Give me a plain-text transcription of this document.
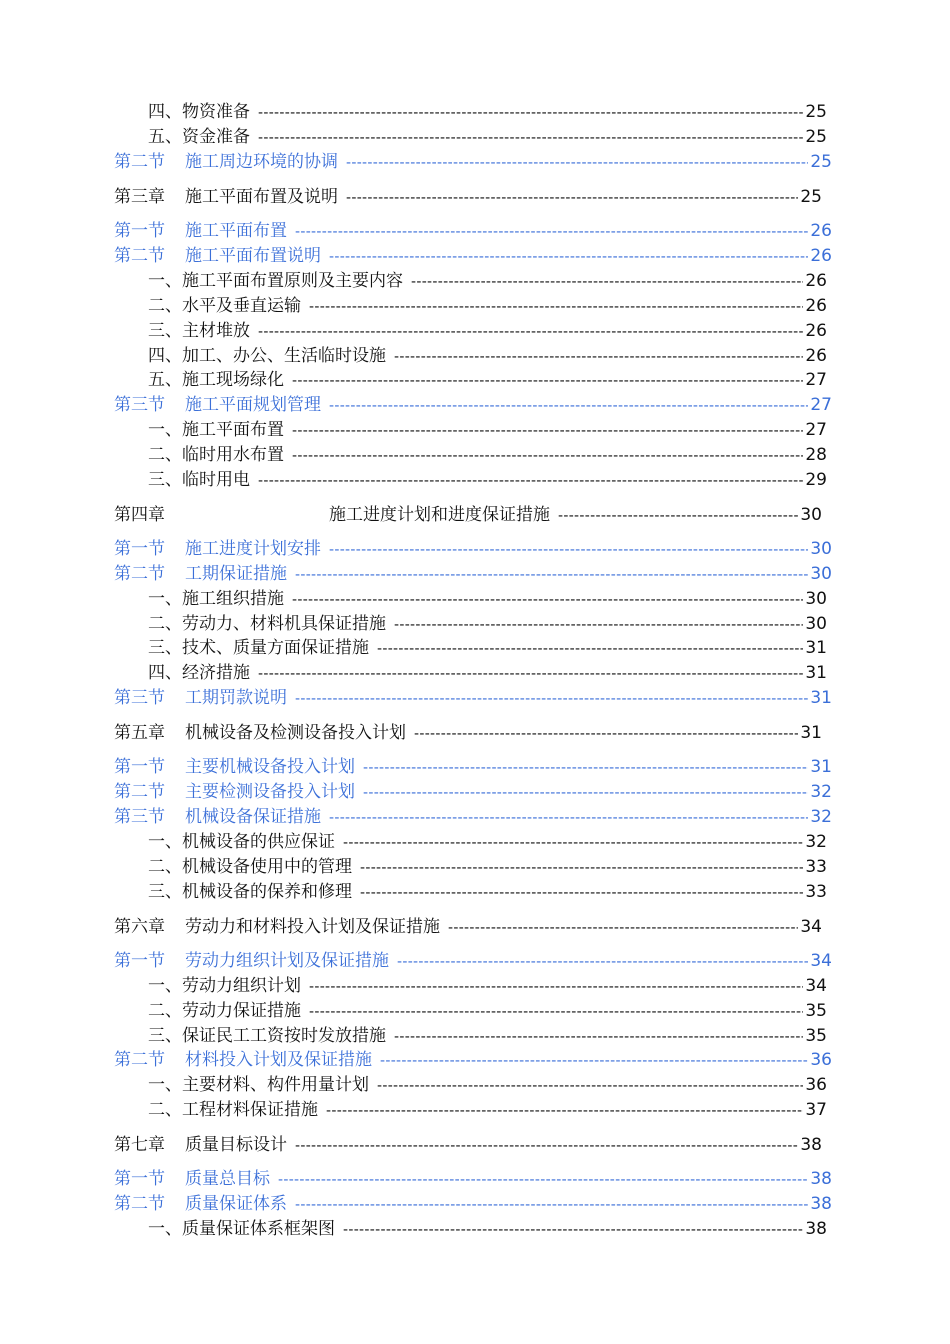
四、物资准备 -----	25
五、资金准备 -----	25
第二节 施工周边环境的协调 -----	25
第三章 施工平面布置及说明 -----	25
第一节 施工平面布置 -----	26
第二节 施工平面布置说明 -----	26
一、施工平面布置原则及主要内容 -----	26
二、水平及垂直运输 -----	26
三、主材堆放 -----	26
四、加工、办公、生活临时设施 -----	26
五、施工现场绿化 -----	27
第三节 施工平面规划管理 -----	27
一、施工平面布置 -----	27
二、临时用水布置 -----	28
三、临时用电 -----	29
第四章	施工进度计划和进度保证措施 -----	30
第一节 施工进度计划安排 -----	30
第二节 工期保证措施 -----	30
一、施工组织措施 -----	30
二、劳动力、材料机具保证措施 -----	30
三、技术、质量方面保证措施 -----	31
四、经济措施 -----	31
第三节 工期罚款说明 -----	31
第五章 机械设备及检测设备投入计划 -----	31
第一节 主要机械设备投入计划 -----	31
第二节 主要检测设备投入计划 -----	32
第三节 机械设备保证措施 -----	32
一、机械设备的供应保证 -----	32
二、机械设备使用中的管理 -----	33
三、机械设备的保养和修理 -----	33
第六章 劳动力和材料投入计划及保证措施 -----	34
第一节 劳动力组织计划及保证措施 -----	34
一、劳动力组织计划 -----	34
二、劳动力保证措施 -----	35
三、保证民工工资按时发放措施 -----	35
第二节 材料投入计划及保证措施 -----	36
一、主要材料、构件用量计划 -----	36
二、工程材料保证措施 -----	37
第七章 质量目标设计 -----	38
第一节 质量总目标 -----	38
第二节 质量保证体系 -----	38
一、质量保证体系框架图 -----	38
